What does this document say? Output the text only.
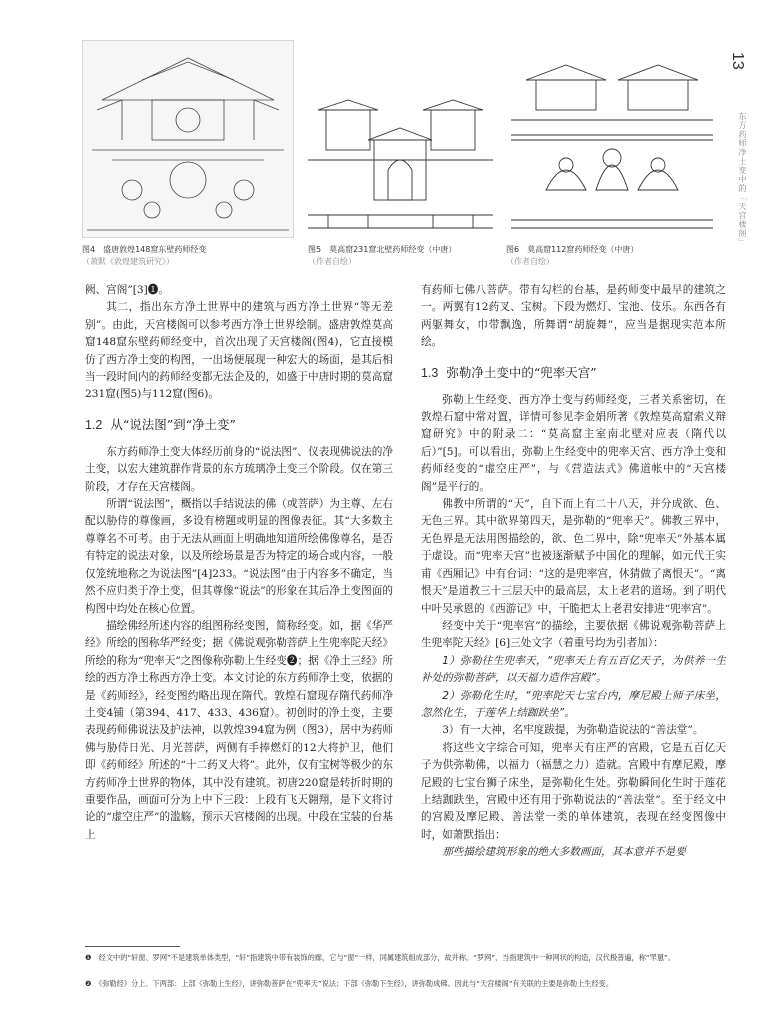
图4　盛唐敦煌148窟东壁药师经变
（萧默《敦煌建筑研究》）
图5　莫高窟231窟北壁药师经变（中唐）
（作者自绘）
图6　莫高窟112窟药师经变（中唐）
（作者自绘）
13
东方药师净土变中的「天宫楼阁」

阙、宫阁”[3]❶。

其二，指出东方净土世界中的建筑与西方净土世界“等无差别”。由此，天宫楼阁可以参考西方净土世界绘制。盛唐敦煌莫高窟148窟东壁药师经变中，首次出现了天宫楼阁(图4)，它直接模仿了西方净土变的构图，一出场便展现一种宏大的场面，是其后相当一段时间内的药师经变都无法企及的，如盛于中唐时期的莫高窟231窟(图5)与112窟(图6)。

1.2 从“说法图”到“净土变”

东方药师净土变大体经历前身的“说法图”、仪表现佛说法的净土变，以宏大建筑群作背景的东方琉璃净土变三个阶段。仅在第三阶段，才存在天宫楼阁。

所谓“说法图”，概指以手结说法的佛（或菩萨）为主尊、左右配以胁侍的尊像画，多设有榜题或明显的图像表征。其“大多数主尊尊名不可考。由于无法从画面上明确地知道所绘佛像尊名，是否有特定的说法对象，以及所绘场景是否为特定的场合或内容，一般仅笼统地称之为说法图”[4]233。“说法图”由于内容多不确定，当然不应归类于净土变，但其尊像“说法”的形象在其后净土变图面的构图中均处在核心位置。

描绘佛经所述内容的组图称经变图，简称经变。如，据《华严经》所绘的图称华严经变；据《佛说观弥勒菩萨上生兜率陀天经》所绘的称为“兜率天”之图像称弥勒上生经变❷；据《净土三经》所绘的西方净土称西方净土变。本文讨论的东方药师净土变，依据的是《药师经》，经变图约略出现在隋代。敦煌石窟现存隋代药师净土变4铺（第394、417、433、436窟）。初创时的净土变，主要表现药师佛说法及护法神，以敦煌394窟为例（图3），居中为药师佛与胁侍日光、月光菩萨，两侧有手捧燃灯的12大将护卫，他们即《药师经》所述的“十二药叉大将”。此外，仅有宝树等极少的东方药师净土世界的物体，其中没有建筑。初唐220窟是转折时期的重要作品，画面可分为上中下三段：上段有飞天翱翔，是下文将讨论的“虚空庄严”的滥觞，预示天宫楼阁的出现。中段在宝装的台基上

有药师七佛八菩萨。带有勾栏的台基，是药师变中最早的建筑之一。两翼有12药叉、宝树。下段为燃灯、宝池、伎乐。东西各有两躯舞女，巾带飘逸，所舞谓“胡旋舞”，应当是据现实范本所绘。

1.3 弥勒净土变中的“兜率天宫”

弥勒上生经变、西方净土变与药师经变，三者关系密切，在敦煌石窟中常对置，详情可参见李金娟所著《敦煌莫高窟索义辩窟研究》中的附录二：“莫高窟主室南北壁对应表（隋代以后）”[5]。可以看出，弥勒上生经变中的兜率天宫、西方净土变和药师经变的“虚空庄严”，与《营造法式》佛道帐中的“天宫楼阁”是平行的。

佛教中所谓的“天”，自下而上有二十八天，并分成欲、色、无色三界。其中欲界第四天，是弥勒的“兜率天”。佛教三界中，无色界是无法用图描绘的，欲、色二界中，除“兜率天”外基本属于虚设。而“兜率天宫”也被逐渐赋予中国化的理解，如元代王实甫《西厢记》中有台词：“这的是兜率宫，休猜做了离恨天”。“离恨天”是道教三十三层天中的最高层，太上老君的道场。到了明代中叶吴承恩的《西游记》中，干脆把太上老君安排进“兜率宫”。

经变中关于“兜率宫”的描绘，主要依据《佛说观弥勒菩萨上生兜率陀天经》[6]三处文字（着重号均为引者加）：

1）弥勒往生兜率天，“兜率天上有五百亿天子，为供养一生补处的弥勒菩萨，以天福力造作宫殿”。

2）弥勒化生时，“兜率陀天七宝台内，摩尼殿上师子床坐，忽然化生，于莲华上结跏趺坐”。

3）有一大神，名牢度跋提，为弥勒造说法的“善法堂”。

将这些文字综合可知，兜率天有庄严的宫殿，它是五百亿天子为供弥勒佛，以福力（福慧之力）造就。宫殿中有摩尼殿，摩尼殿的七宝台狮子床坐，是弥勒化生处。弥勒瞬间化生时于莲花上结跏趺坐，宫殿中还有用于弥勒说法的“善法堂”。至于经文中的宫殿及摩尼殿、善法堂一类的单体建筑，表现在经变图像中时，如萧默指出：

那些描绘建筑形象的绝大多数画面，其本意并不是要

❶　经文中的“轩窗、罗网”不是建筑单体类型，“轩”指建筑中带有装饰的廊，它与“窗”一样，同属建筑组成部分，故并称。“罗网”，当指建筑中一种网状的构造，汉代极普遍，称“罘罳”。
❷　《弥勒经》分上、下两部：上部《弥勒上生经》，讲弥勒菩萨在“兜率天”说法；下部《弥勒下生经》，讲弥勒成佛。因此与“天宫楼阁”有关联的主要是弥勒上生经变。
